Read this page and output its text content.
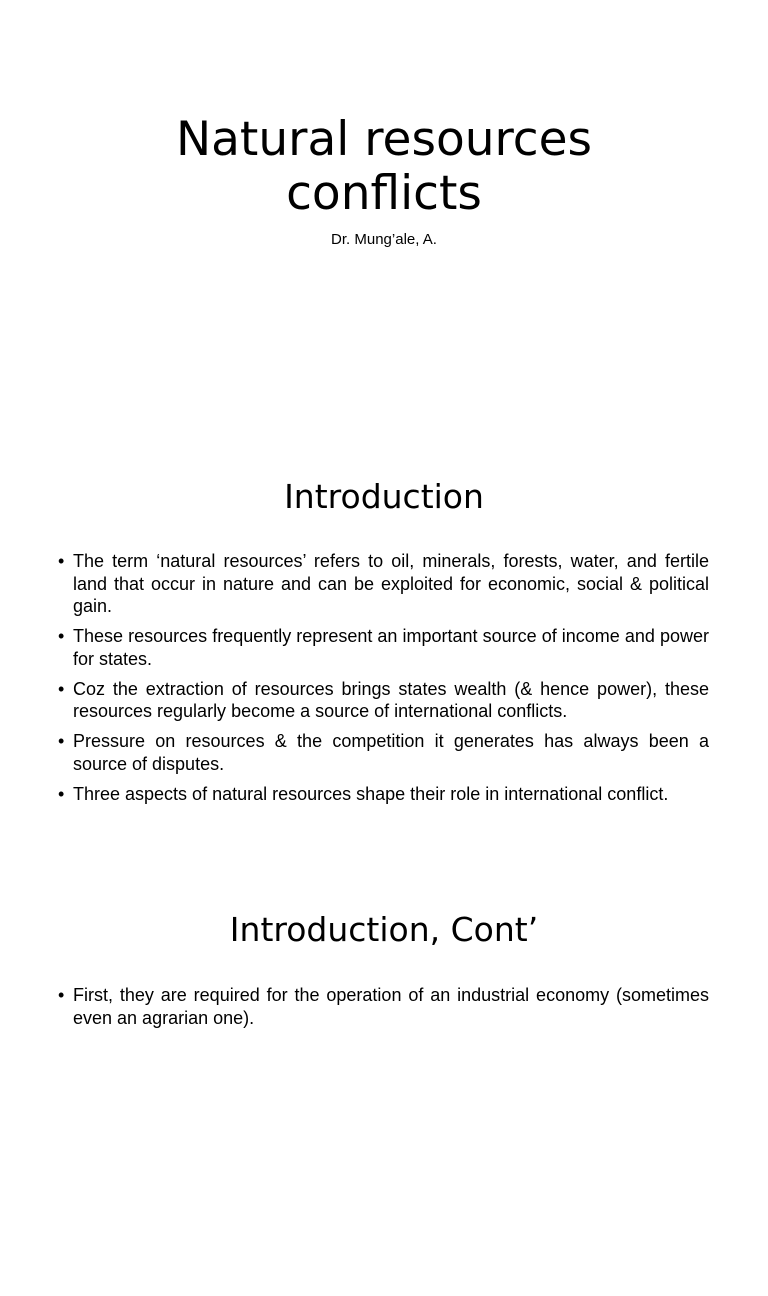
Natural resources conflicts

Dr. Mung’ale, A.

Introduction
• The term ‘natural resources’ refers to oil, minerals, forests, water, and fertile land that occur in nature and can be exploited for economic, social & political gain.
• These resources frequently represent an important source of income and power for states.
• Coz the extraction of resources brings states wealth (& hence power), these resources regularly become a source of international conflicts.
• Pressure on resources & the competition it generates has always been a source of disputes.
• Three aspects of natural resources shape their role in international conflict.
Introduction, Cont’
• First, they are required for the operation of an industrial economy (sometimes even an agrarian one).
